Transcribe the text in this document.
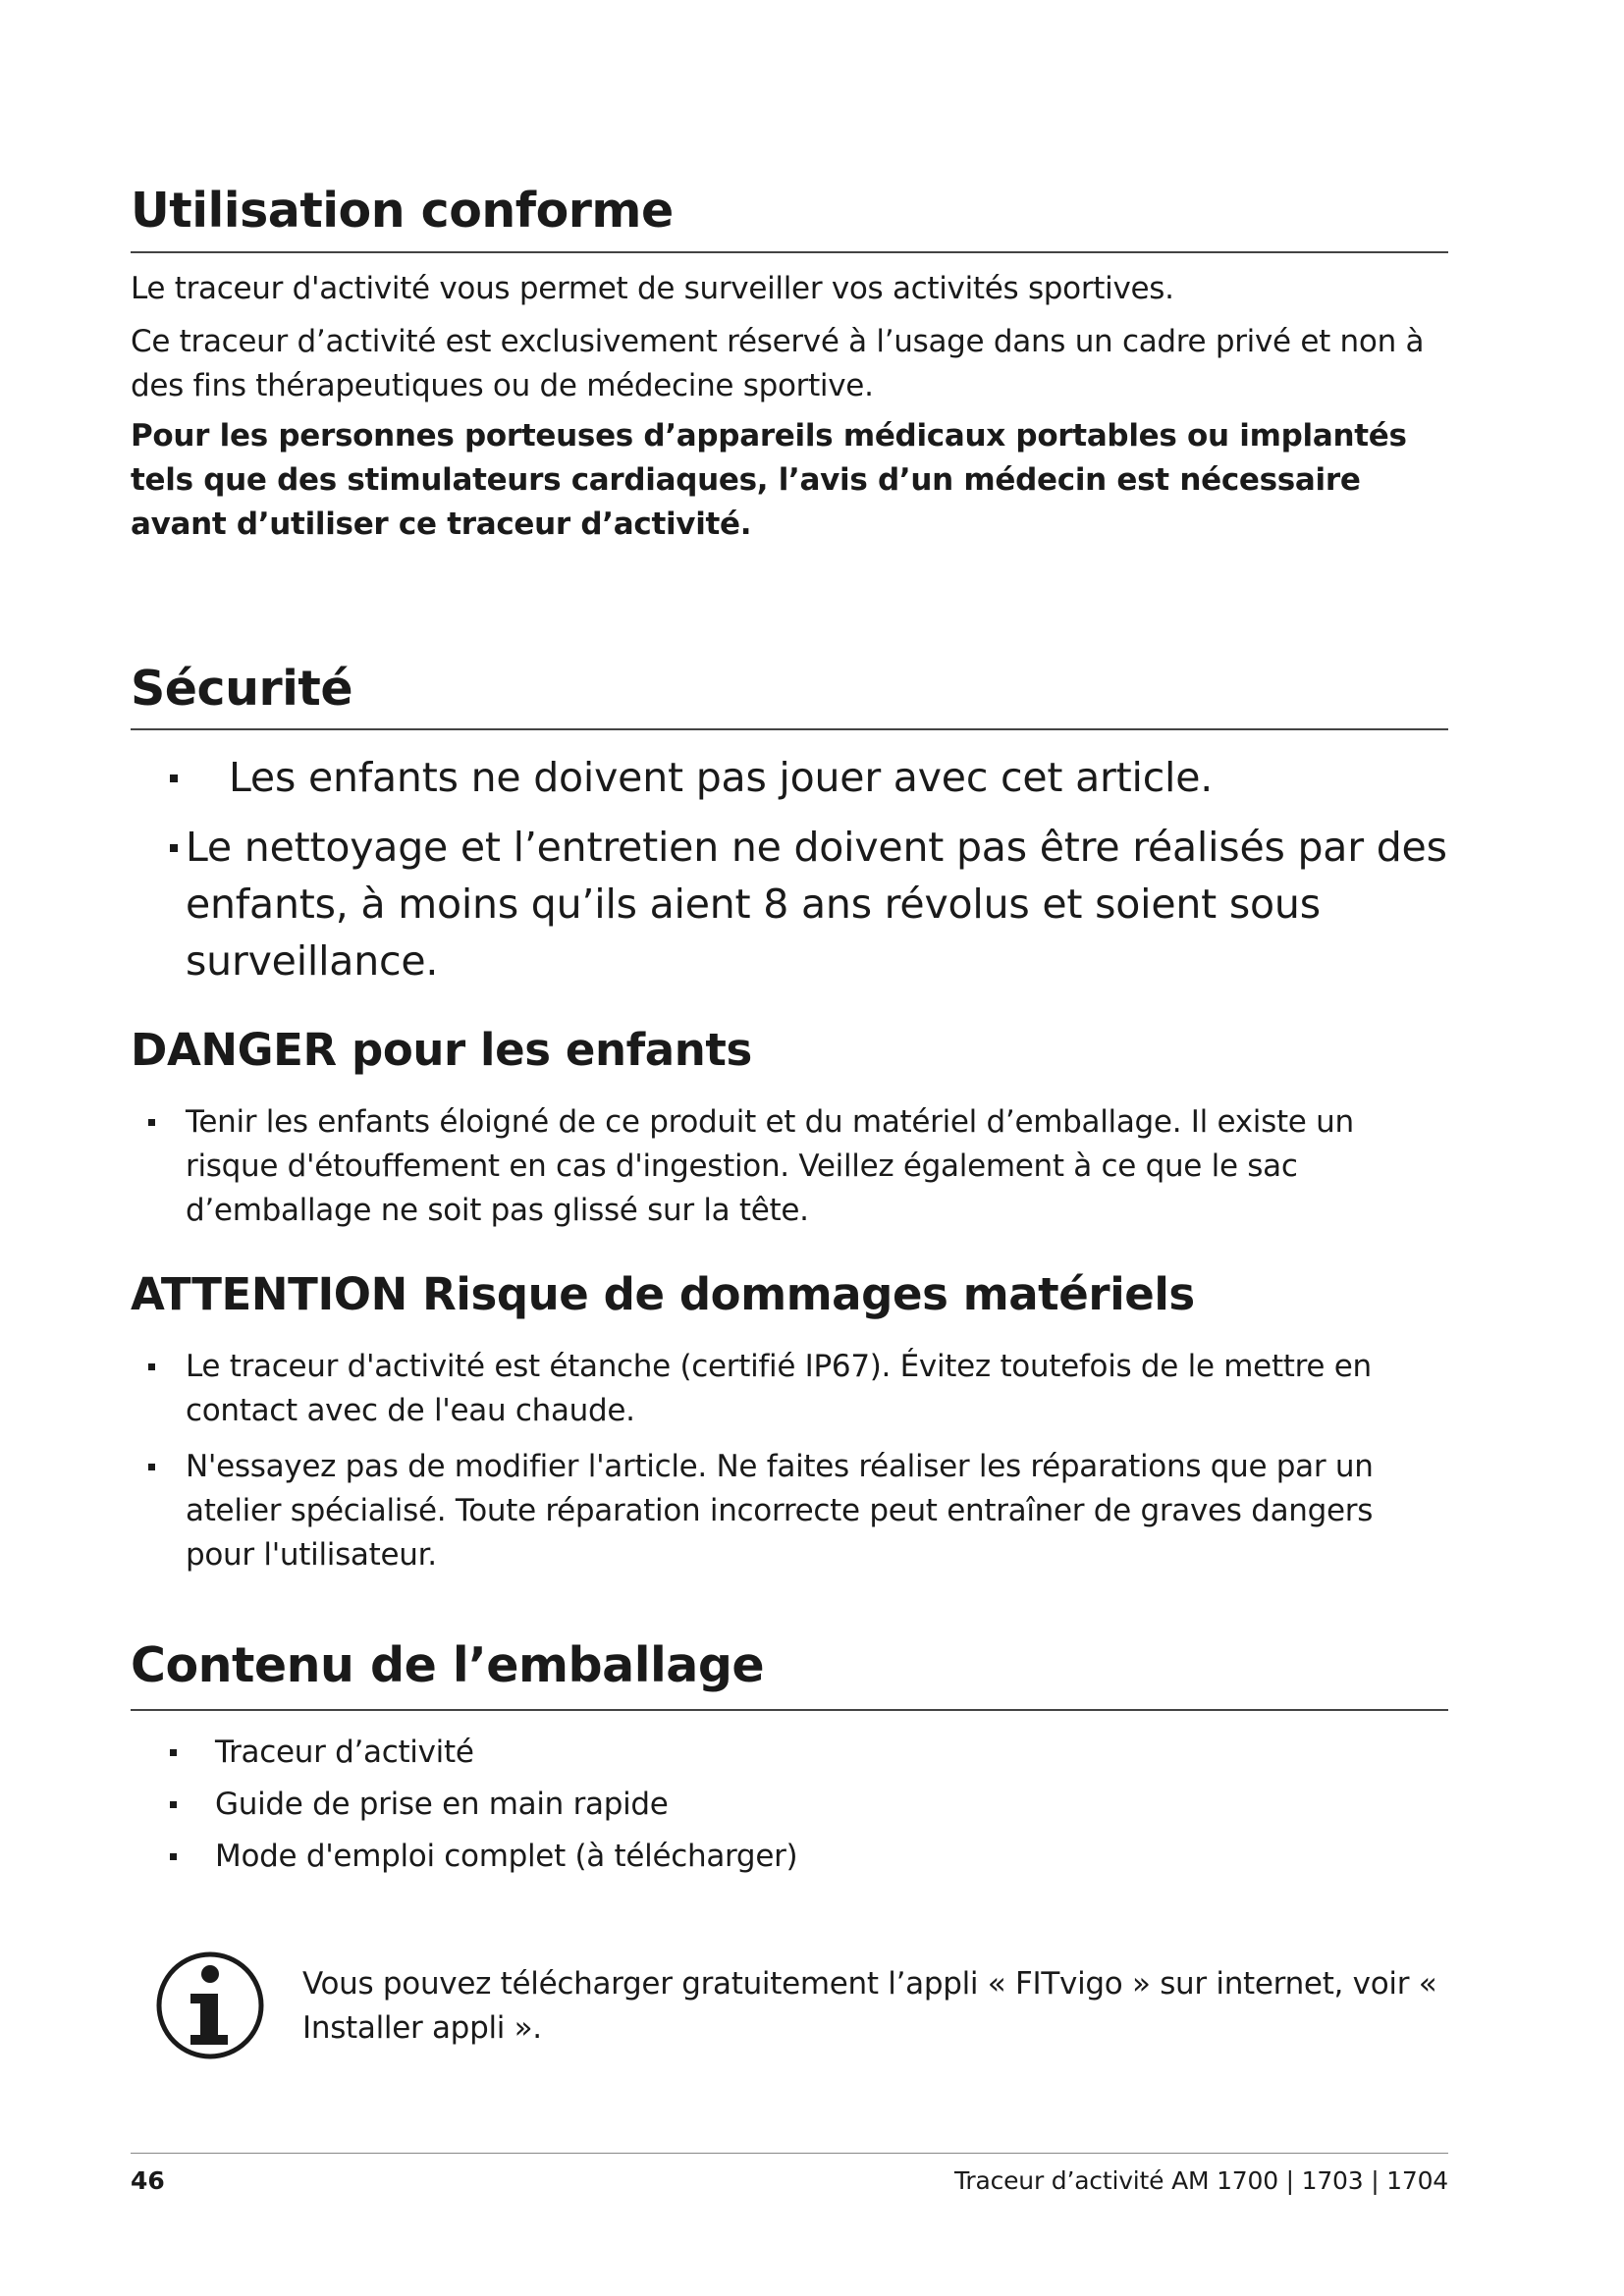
Utilisation conforme

Le traceur d'activité vous permet de surveiller vos activités sportives.

Ce traceur d’activité est exclusivement réservé à l’usage dans un cadre privé et non à des fins thérapeutiques ou de médecine sportive.

Pour les personnes porteuses d’appareils médicaux portables ou implantés tels que des stimulateurs cardiaques, l’avis d’un médecin est nécessaire avant d’utiliser ce traceur d’activité.

Sécurité
Les enfants ne doivent pas jouer avec cet article.
Le nettoyage et l’entretien ne doivent pas être réalisés par des enfants, à moins qu’ils aient 8 ans révolus et soient sous surveillance.
DANGER pour les enfants
Tenir les enfants éloigné de ce produit et du matériel d’emballage. Il existe un risque d'étouffement en cas d'ingestion. Veillez également à ce que le sac d’emballage ne soit pas glissé sur la tête.
ATTENTION Risque de dommages matériels
Le traceur d'activité est étanche (certifié IP67). Évitez toutefois de le mettre en contact avec de l'eau chaude.
N'essayez pas de modifier l'article. Ne faites réaliser les réparations que par un atelier spécialisé. Toute réparation incorrecte peut entraîner de graves dangers pour l'utilisateur.
Contenu de l’emballage
Traceur d’activité
Guide de prise en main rapide
Mode d'emploi complet (à télécharger)
Vous pouvez télécharger gratuitement l’appli « FITvigo » sur internet, voir « Installer appli ».
46	Traceur d’activité AM 1700 | 1703 | 1704
